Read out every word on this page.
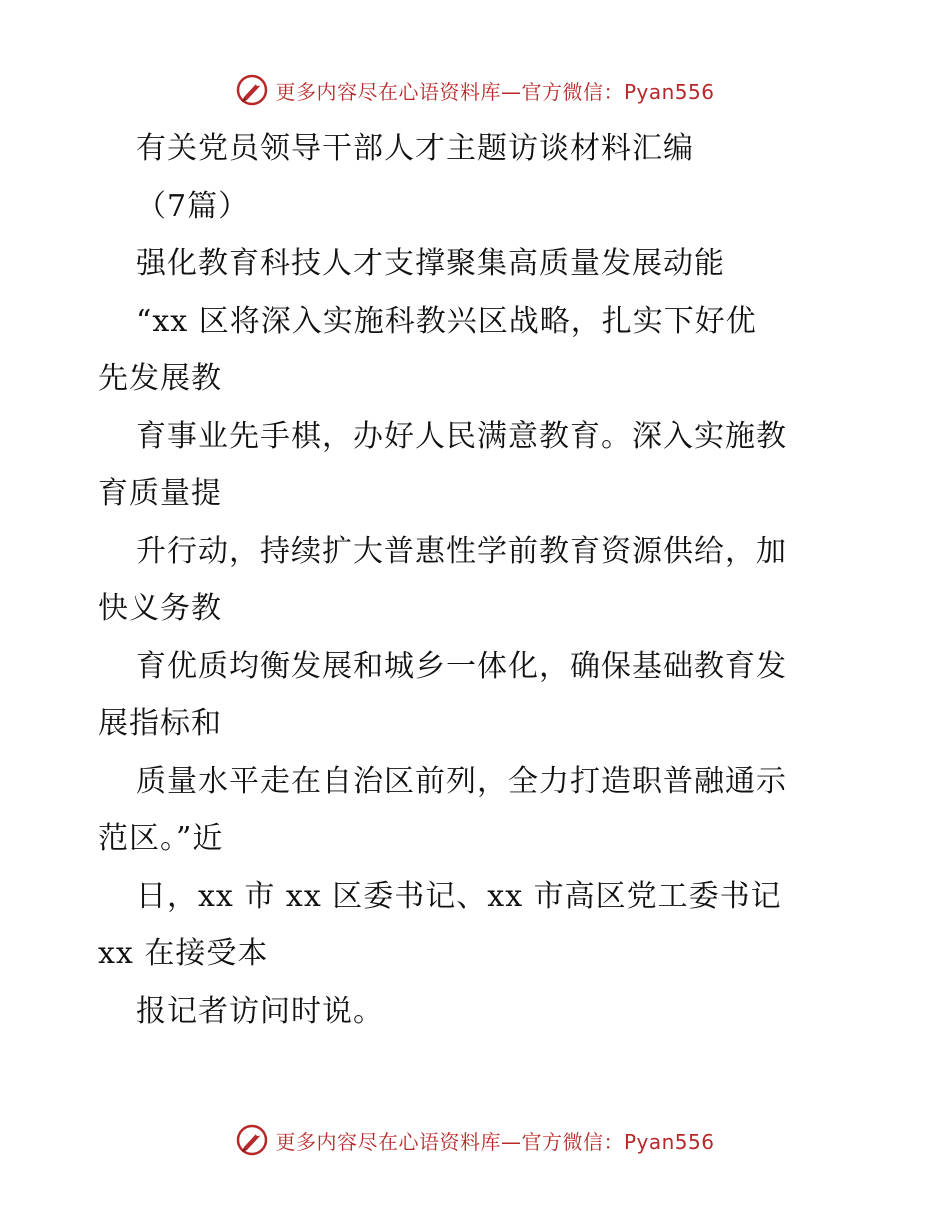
更多内容尽在心语资料库—官方微信：Pyan556
有关党员领导干部人才主题访谈材料汇编
（7篇）
强化教育科技人才支撑聚集高质量发展动能
“xx 区将深入实施科教兴区战略，扎实下好优
先发展教
育事业先手棋，办好人民满意教育。深入实施教
育质量提
升行动，持续扩大普惠性学前教育资源供给，加
快义务教
育优质均衡发展和城乡一体化，确保基础教育发
展指标和
质量水平走在自治区前列，全力打造职普融通示
范区。”近
日，xx 市 xx 区委书记、xx 市高区党工委书记
xx 在接受本
报记者访问时说。
更多内容尽在心语资料库—官方微信：Pyan556
